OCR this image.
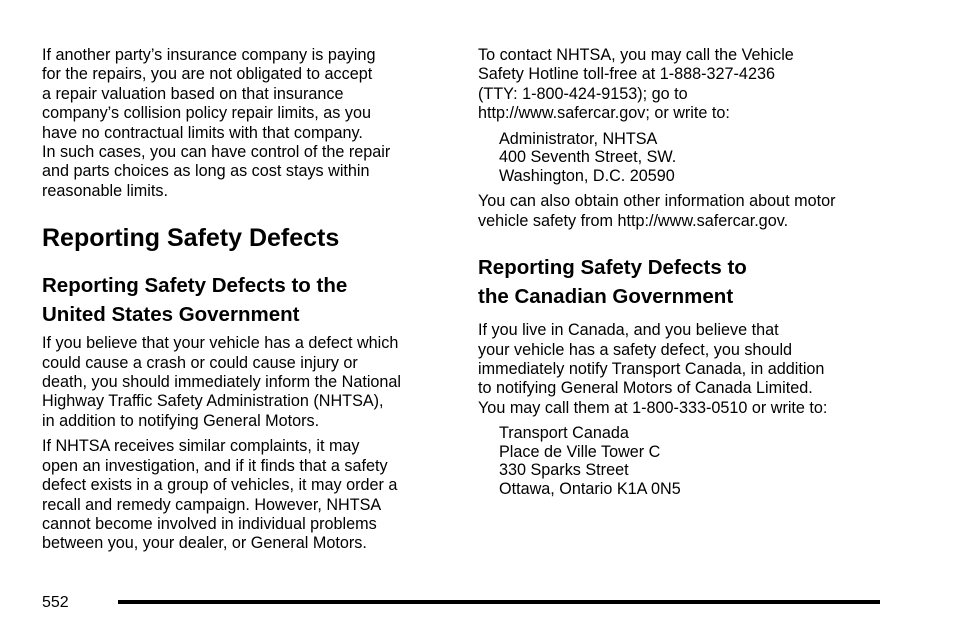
If another party’s insurance company is paying
for the repairs, you are not obligated to accept
a repair valuation based on that insurance
company’s collision policy repair limits, as you
have no contractual limits with that company.
In such cases, you can have control of the repair
and parts choices as long as cost stays within
reasonable limits.
Reporting Safety Defects
Reporting Safety Defects to the
United States Government
If you believe that your vehicle has a defect which
could cause a crash or could cause injury or
death, you should immediately inform the National
Highway Traffic Safety Administration (NHTSA),
in addition to notifying General Motors.
If NHTSA receives similar complaints, it may
open an investigation, and if it finds that a safety
defect exists in a group of vehicles, it may order a
recall and remedy campaign. However, NHTSA
cannot become involved in individual problems
between you, your dealer, or General Motors.
To contact NHTSA, you may call the Vehicle
Safety Hotline toll-free at 1-888-327-4236
(TTY: 1-800-424-9153); go to
http://www.safercar.gov; or write to:
Administrator, NHTSA
400 Seventh Street, SW.
Washington, D.C. 20590
You can also obtain other information about motor
vehicle safety from http://www.safercar.gov.
Reporting Safety Defects to
the Canadian Government
If you live in Canada, and you believe that
your vehicle has a safety defect, you should
immediately notify Transport Canada, in addition
to notifying General Motors of Canada Limited.
You may call them at 1-800-333-0510 or write to:
Transport Canada
Place de Ville Tower C
330 Sparks Street
Ottawa, Ontario K1A 0N5
552
